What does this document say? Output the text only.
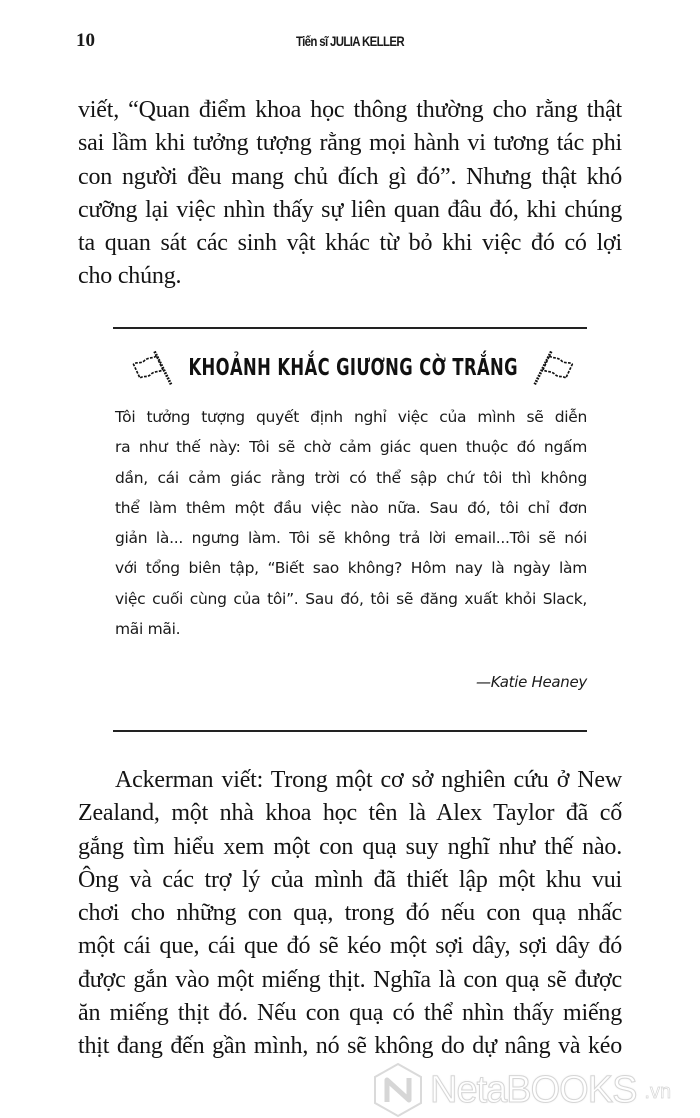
10	Tiến sĩ JULIA KELLER
viết, “Quan điểm khoa học thông thường cho rằng thật
sai lầm khi tưởng tượng rằng mọi hành vi tương tác phi
con người đều mang chủ đích gì đó”. Nhưng thật khó
cưỡng lại việc nhìn thấy sự liên quan đâu đó, khi chúng
ta quan sát các sinh vật khác từ bỏ khi việc đó có lợi
cho chúng.
KHOẢNH KHẮC GIƯƠNG CỜ TRẮNG
Tôi tưởng tượng quyết định nghỉ việc của mình sẽ diễn
ra như thế này: Tôi sẽ chờ cảm giác quen thuộc đó ngấm
dần, cái cảm giác rằng trời có thể sập chứ tôi thì không
thể làm thêm một đầu việc nào nữa. Sau đó, tôi chỉ đơn
giản là... ngưng làm. Tôi sẽ không trả lời email...Tôi sẽ nói
với tổng biên tập, “Biết sao không? Hôm nay là ngày làm
việc cuối cùng của tôi”. Sau đó, tôi sẽ đăng xuất khỏi Slack,
mãi mãi.
—Katie Heaney
Ackerman viết: Trong một cơ sở nghiên cứu ở New
Zealand, một nhà khoa học tên là Alex Taylor đã cố
gắng tìm hiểu xem một con quạ suy nghĩ như thế nào.
Ông và các trợ lý của mình đã thiết lập một khu vui
chơi cho những con quạ, trong đó nếu con quạ nhấc
một cái que, cái que đó sẽ kéo một sợi dây, sợi dây đó
được gắn vào một miếng thịt. Nghĩa là con quạ sẽ được
ăn miếng thịt đó. Nếu con quạ có thể nhìn thấy miếng
thịt đang đến gần mình, nó sẽ không do dự nâng và kéo
NetaBOOKS .vn
